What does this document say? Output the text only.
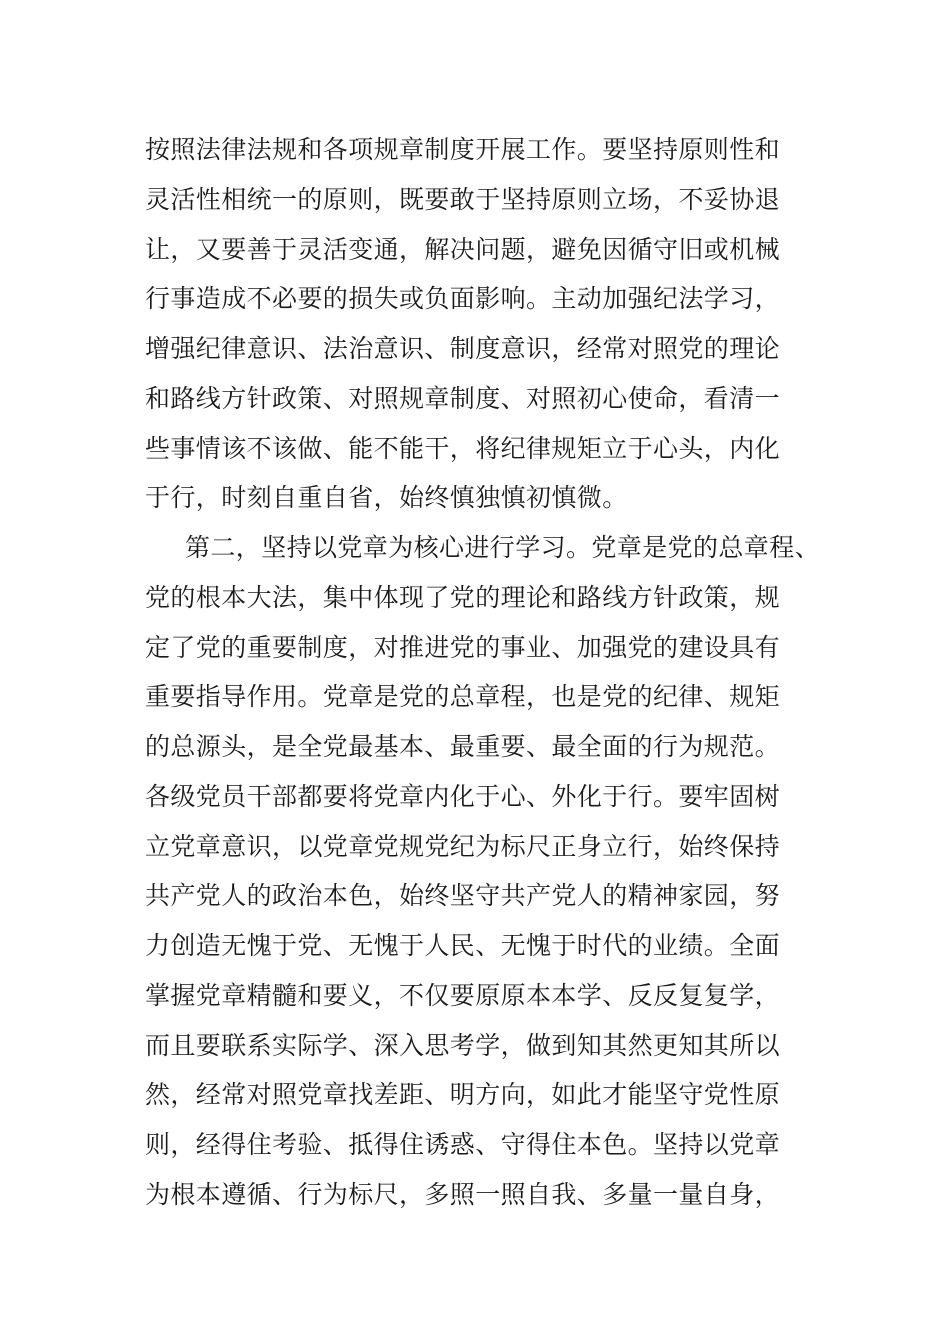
按照法律法规和各项规章制度开展工作。要坚持原则性和
灵活性相统一的原则，既要敢于坚持原则立场，不妥协退
让，又要善于灵活变通，解决问题，避免因循守旧或机械
行事造成不必要的损失或负面影响。主动加强纪法学习，
增强纪律意识、法治意识、制度意识，经常对照党的理论
和路线方针政策、对照规章制度、对照初心使命，看清一
些事情该不该做、能不能干，将纪律规矩立于心头，内化
于行，时刻自重自省，始终慎独慎初慎微。
第二，坚持以党章为核心进行学习。党章是党的总章程、
党的根本大法，集中体现了党的理论和路线方针政策，规
定了党的重要制度，对推进党的事业、加强党的建设具有
重要指导作用。党章是党的总章程，也是党的纪律、规矩
的总源头，是全党最基本、最重要、最全面的行为规范。
各级党员干部都要将党章内化于心、外化于行。要牢固树
立党章意识，以党章党规党纪为标尺正身立行，始终保持
共产党人的政治本色，始终坚守共产党人的精神家园，努
力创造无愧于党、无愧于人民、无愧于时代的业绩。全面
掌握党章精髓和要义，不仅要原原本本学、反反复复学，
而且要联系实际学、深入思考学，做到知其然更知其所以
然，经常对照党章找差距、明方向，如此才能坚守党性原
则，经得住考验、抵得住诱惑、守得住本色。坚持以党章
为根本遵循、行为标尺，多照一照自我、多量一量自身，
